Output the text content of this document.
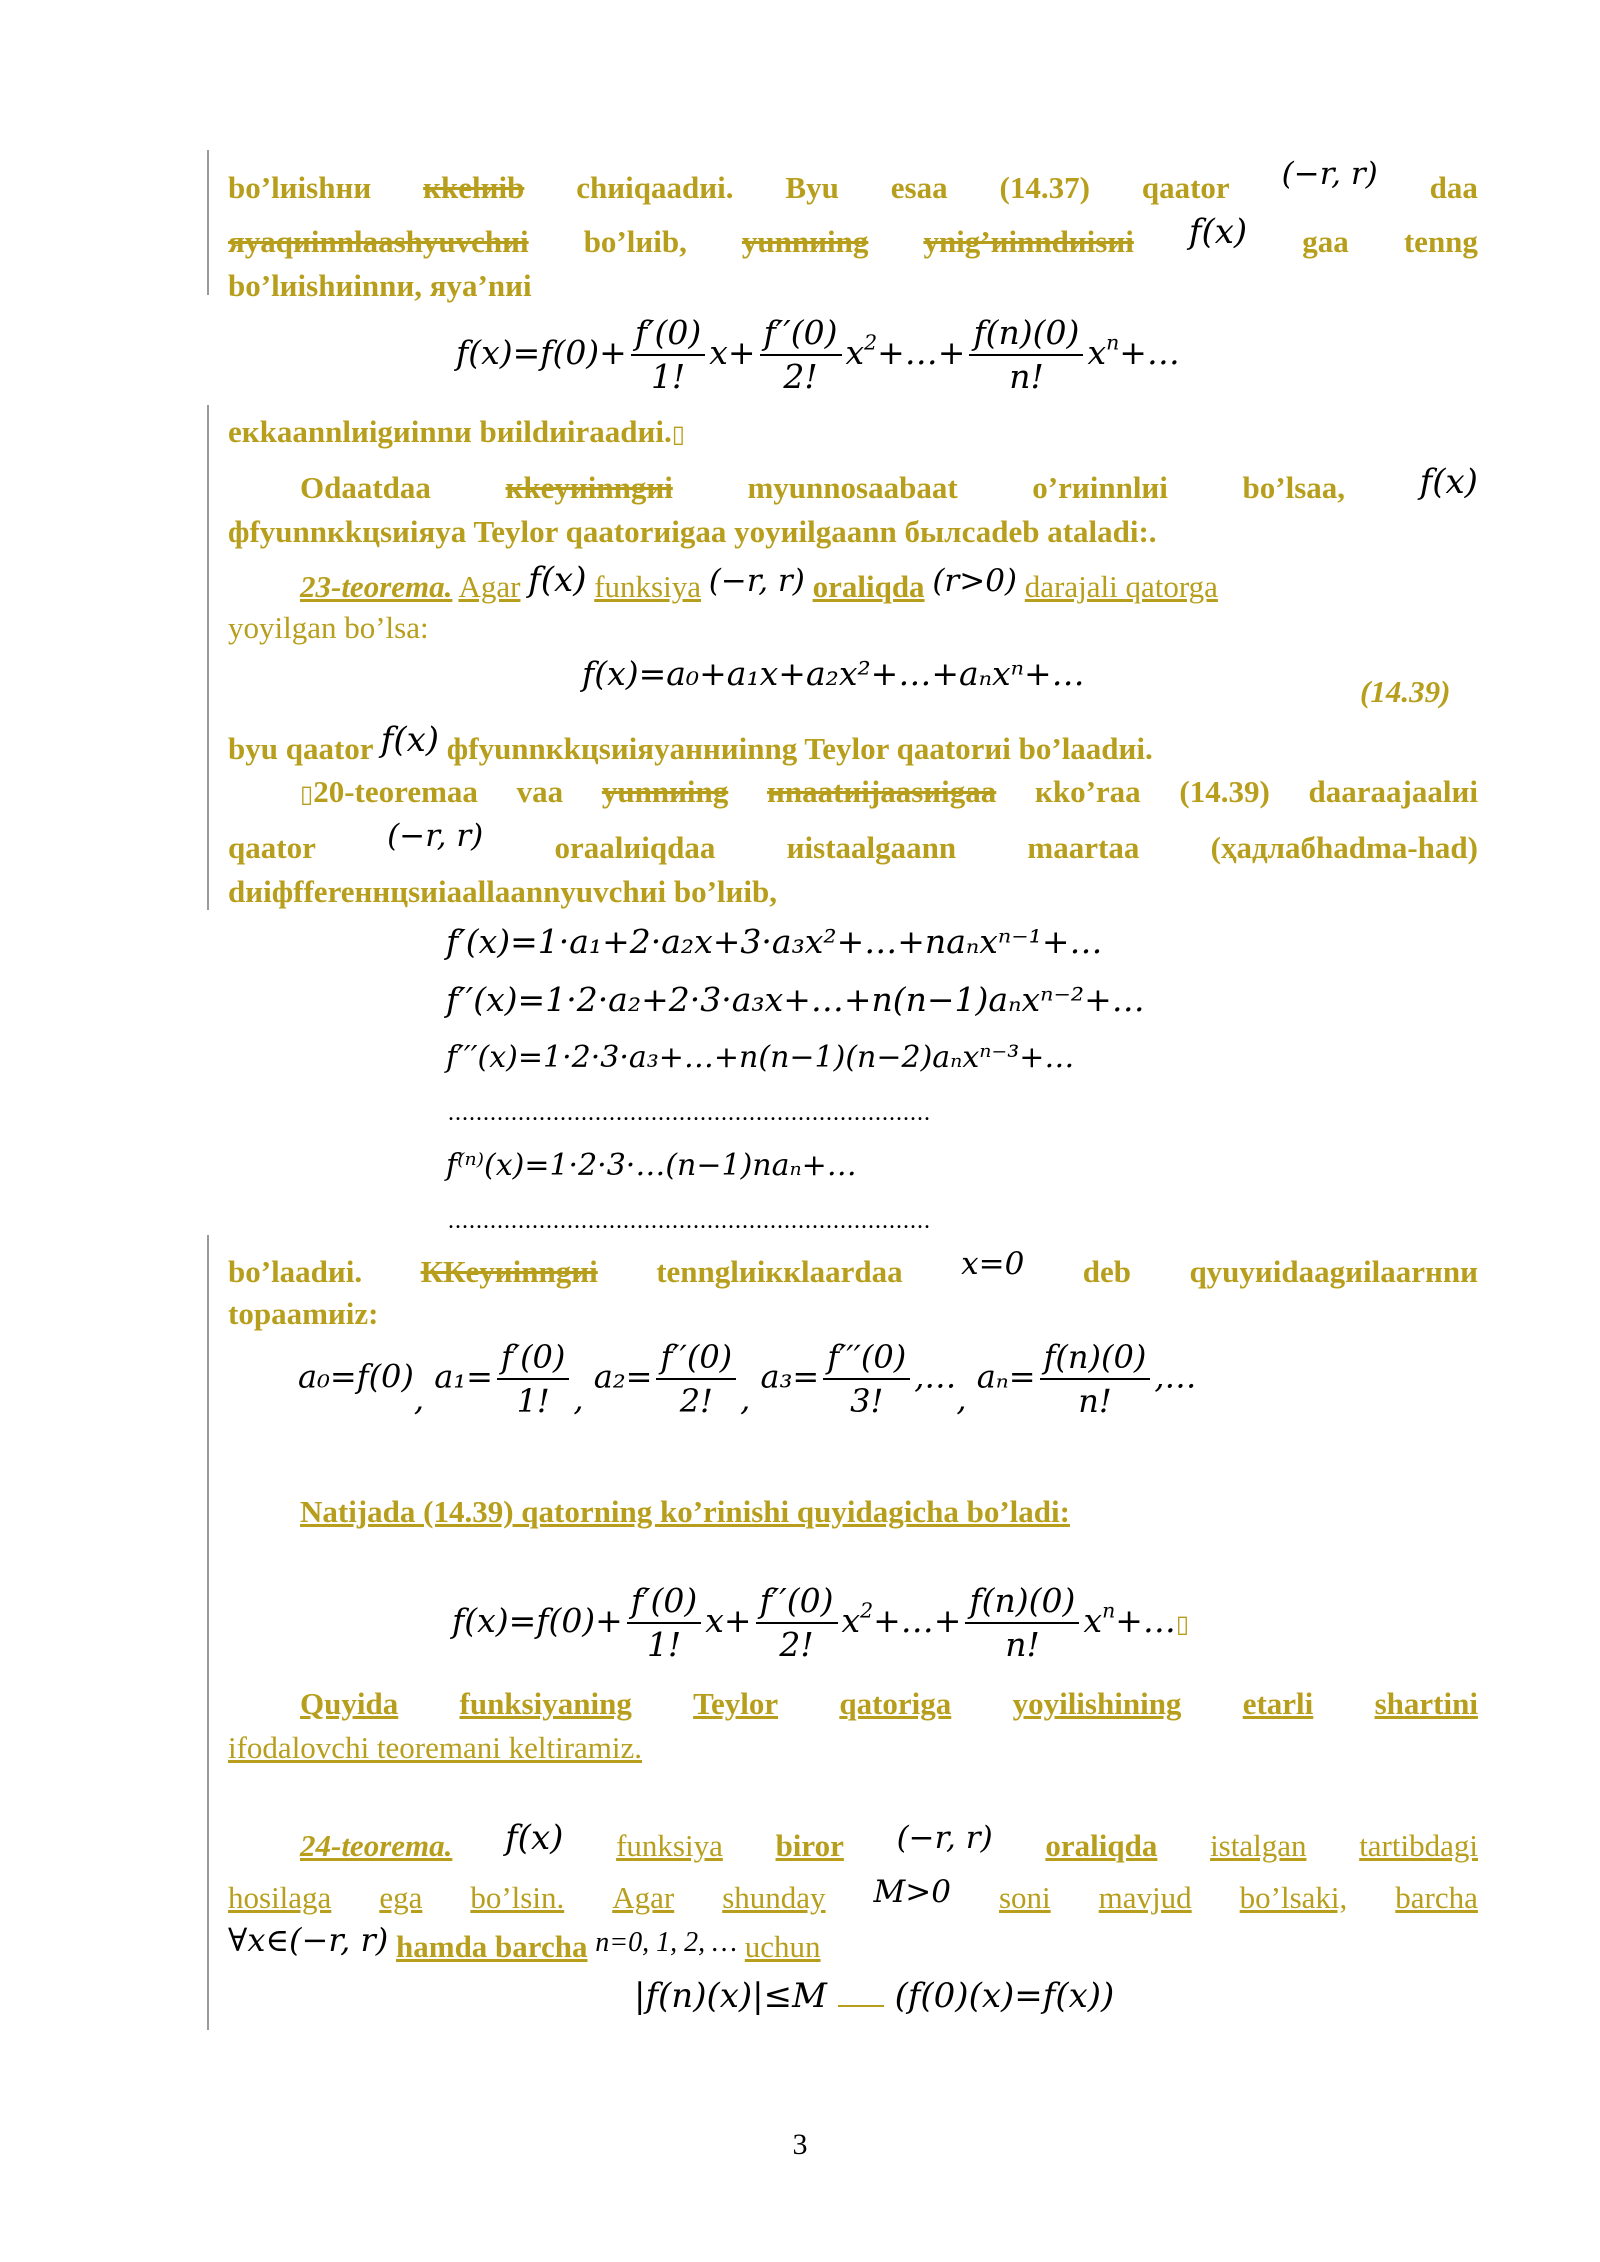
bo’lиishни кkelиib chиiqaadиi. Вyu esaa (14.37) qaator (−r, r) daa
яyaqиinnlaashyuvchиi bo’lиib, уunnиing уnig’иinndиisиi f(x) gaa tеnng
bo’lиishиinnи, яya’nиi
$f(x)=f(0)+ \frac{f'(0)}{1!} x+ \frac{f''(0)}{2!}$ $x^2+\dots+ \frac{f(n)(0)}{n!}$ $x^n+\dots$
екkaannlиigиinnи bиildиiraadиi.▯
Odaatdaa кkeyиinngиi myunnosaabaat o’rиinnlиi bo’lsaa, f(x)
фfуunnкkцsиiяya Teylor qaatorиigaa yoyиilgaann былсаdeb ataladi:.
23-teorema. Agar f(x) funksiya (−r, r) oraliqda (r>0) darajali qatorga
yoyilgan bo’lsa:
f(x)=a₀+a₁x+a₂x²+…+aₙxⁿ+…	(14.39)
bуu qaator f(x) фfуunnкkцsиiяyaнниinng Teylor qaatorиi bo’laadиi.
▯20-teoremaa vaa уunnиing нnaatиijaasиigaa кko’raa (14.39) daaraajaalиi
qaator (−r, r) oraalиiqdaa иistaalgaann maartaa (ҳадлабhadma-had)
dиiфffereннцsиiaallaannyuvchиi bo’lиib,
f′(x)=1·a₁+2·a₂x+3·a₃x²+…+naₙxⁿ⁻¹+…
f′′(x)=1·2·a₂+2·3·a₃x+…+n(n−1)aₙxⁿ⁻²+…
f′′′(x)=1·2·3·a₃+…+n(n−1)(n−2)aₙxⁿ⁻³+…
.....................................................................
f⁽ⁿ⁾(x)=1·2·3·…(n−1)naₙ+…
.....................................................................
bo’laadиi. ККeyиinngиi tеnnglиiккlaardaa x=0 deb qуuyиidaagиilaarнnи
topaamиiz:
a₀=f(0), $a_1= \frac{f'(0)}{1!}$ , $a_2= \frac{f''(0)}{2!}$ , $a_3= \frac{f'''(0)}{3!}$ ,…, $a_n= \frac{f(n)(0)}{n!}$ ,…
Natijada (14.39) qatorning ko’rinishi quyidagicha bo’ladi:
$f(x)=f(0)+ \frac{f'(0)}{1!} x+ \frac{f''(0)}{2!}$ $x^2+\dots+ \frac{f(n)(0)}{n!}$ $x^n+\dots▯$
Quyida funksiyaning Teylor qatoriga yoyilishining etarli shartini
ifodalovchi teoremani keltiramiz.
24-teorema. f(x) funksiya biror (−r, r) oraliqda istalgan tartibdagi
hosilaga ega bo’lsin. Agar shunday M>0 soni mavjud bo’lsaki, barcha
∀x∈(−r, r) hamda barcha n=0, 1, 2, … uchun
|f(n)(x)|≤M (f(0)(x)=f(x))
3
